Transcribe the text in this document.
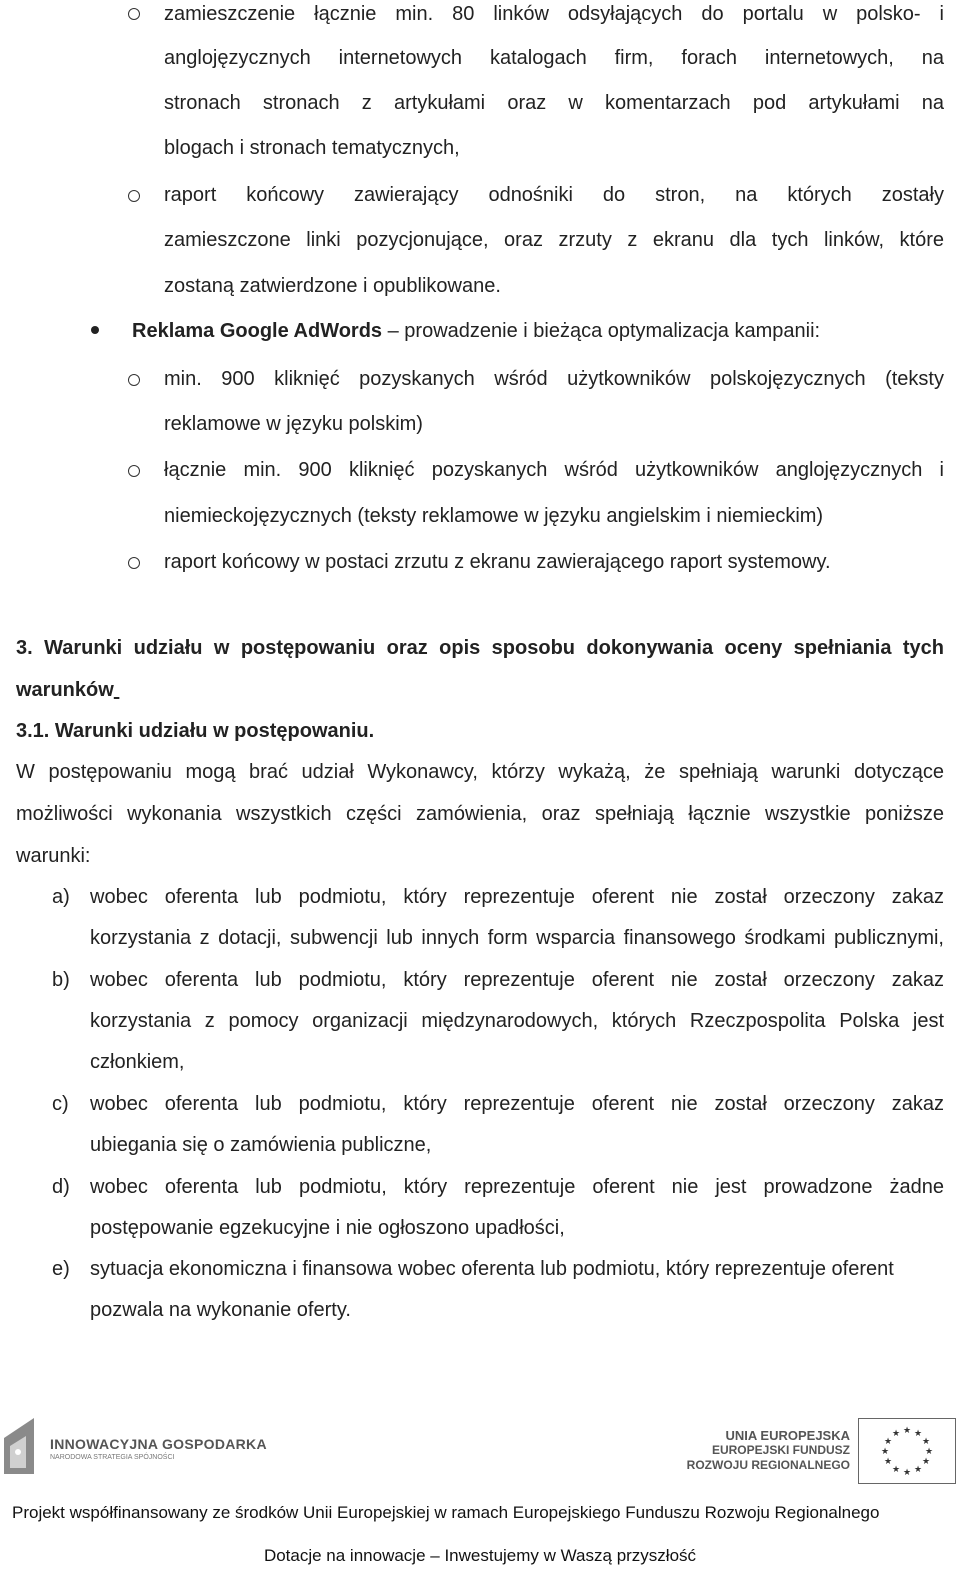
zamieszczenie łącznie min. 80 linków odsyłających do portalu w polsko- i
anglojęzycznych internetowych katalogach firm, forach internetowych, na
stronach stronach z artykułami oraz w komentarzach pod artykułami na
blogach i stronach tematycznych,
raport końcowy zawierający odnośniki do stron, na których zostały
zamieszczone linki pozycjonujące, oraz zrzuty z ekranu dla tych linków, które
zostaną zatwierdzone i opublikowane.
Reklama Google AdWords – prowadzenie i bieżąca optymalizacja kampanii:
min. 900 kliknięć pozyskanych wśród użytkowników polskojęzycznych (teksty
reklamowe w języku polskim)
łącznie min. 900 kliknięć pozyskanych wśród użytkowników anglojęzycznych i
niemieckojęzycznych (teksty reklamowe w języku angielskim i niemieckim)
raport końcowy w postaci zrzutu z ekranu zawierającego raport systemowy.
3. Warunki udziału w postępowaniu oraz opis sposobu dokonywania oceny spełniania tych
warunków
3.1. Warunki udziału w postępowaniu.
W postępowaniu mogą brać udział Wykonawcy, którzy wykażą, że spełniają warunki dotyczące
możliwości wykonania wszystkich części zamówienia, oraz spełniają łącznie wszystkie poniższe
warunki:
a) wobec oferenta lub podmiotu, który reprezentuje oferent nie został orzeczony zakaz
korzystania z dotacji, subwencji lub innych form wsparcia finansowego środkami publicznymi,
b) wobec oferenta lub podmiotu, który reprezentuje oferent nie został orzeczony zakaz
korzystania z pomocy organizacji międzynarodowych, których Rzeczpospolita Polska jest
członkiem,
c) wobec oferenta lub podmiotu, który reprezentuje oferent nie został orzeczony zakaz
ubiegania się o zamówienia publiczne,
d) wobec oferenta lub podmiotu, który reprezentuje oferent nie jest prowadzone żadne
postępowanie egzekucyjne i nie ogłoszono upadłości,
e) sytuacja ekonomiczna i finansowa wobec oferenta lub podmiotu, który reprezentuje oferent
pozwala na wykonanie oferty.
INNOWACYJNA GOSPODARKA
NARODOWA STRATEGIA SPÓJNOŚCI
UNIA EUROPEJSKA
EUROPEJSKI FUNDUSZ
ROZWOJU REGIONALNEGO
★ ★
★
★
★
★
★
★
★
★
★
★
Projekt współfinansowany ze środków Unii Europejskiej w ramach Europejskiego Funduszu Rozwoju Regionalnego
Dotacje na innowacje – Inwestujemy w Waszą przyszłość
